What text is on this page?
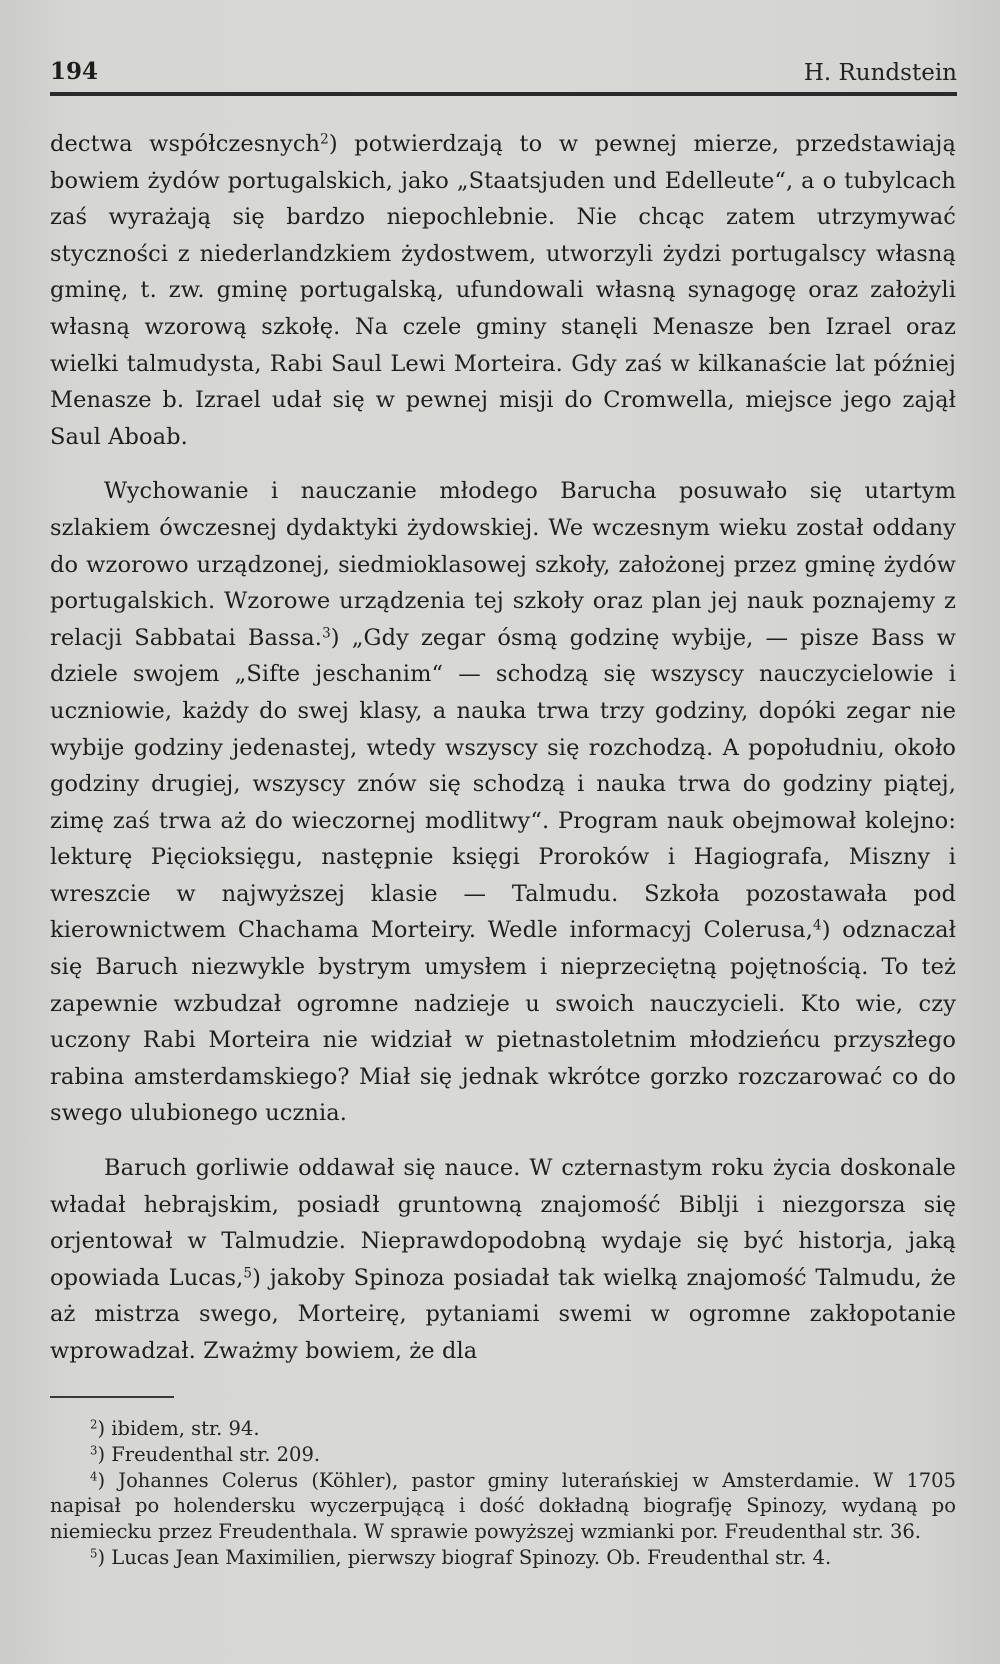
194	H. Rundstein

dectwa współczesnych$^2$) potwierdzają to w pewnej mierze, przedstawiają bowiem żydów portugalskich, jako „Staatsjuden und Edelleute“, a o tubylcach zaś wyrażają się bardzo niepochlebnie. Nie chcąc zatem utrzymywać styczności z niederlandzkiem żydostwem, utworzyli żydzi portugalscy własną gminę, t. zw. gminę portugalską, ufundowali własną synagogę oraz założyli własną wzorową szkołę. Na czele gminy stanęli Menasze ben Izrael oraz wielki talmudysta, Rabi Saul Lewi Morteira. Gdy zaś w kilkanaście lat później Menasze b. Izrael udał się w pewnej misji do Cromwella, miejsce jego zajął Saul Aboab.

Wychowanie i nauczanie młodego Barucha posuwało się utartym szlakiem ówczesnej dydaktyki żydowskiej. We wczesnym wieku został oddany do wzorowo urządzonej, siedmioklasowej szkoły, założonej przez gminę żydów portugalskich. Wzorowe urządzenia tej szkoły oraz plan jej nauk poznajemy z relacji Sabbatai Bassa.$^3$) „Gdy zegar ósmą godzinę wybije, — pisze Bass w dziele swojem „Sifte jeschanim“ — schodzą się wszyscy nauczycielowie i uczniowie, każdy do swej klasy, a nauka trwa trzy godziny, dopóki zegar nie wybije godziny jedenastej, wtedy wszyscy się rozchodzą. A popołudniu, około godziny drugiej, wszyscy znów się schodzą i nauka trwa do godziny piątej, zimę zaś trwa aż do wieczornej modlitwy“. Program nauk obejmował kolejno: lekturę Pięcioksięgu, następnie księgi Proroków i Hagiografa, Miszny i wreszcie w najwyższej klasie — Talmudu. Szkoła pozostawała pod kierownictwem Chachama Morteiry. Wedle informacyj Colerusa,$^4$) odznaczał się Baruch niezwykle bystrym umysłem i nieprzeciętną pojętnością. To też zapewnie wzbudzał ogromne nadzieje u swoich nauczycieli. Kto wie, czy uczony Rabi Morteira nie widział w pietnastoletnim młodzieńcu przyszłego rabina amsterdamskiego? Miał się jednak wkrótce gorzko rozczarować co do swego ulubionego ucznia.

Baruch gorliwie oddawał się nauce. W czternastym roku życia doskonale władał hebrajskim, posiadł gruntowną znajomość Biblji i niezgorsza się orjentował w Talmudzie. Nieprawdopodobną wydaje się być historja, jaką opowiada Lucas,$^5$) jakoby Spinoza posiadał tak wielką znajomość Talmudu, że aż mistrza swego, Morteirę, pytaniami swemi w ogromne zakłopotanie wprowadzał. Zważmy bowiem, że dla

$^2$) ibidem, str. 94.

$^3$) Freudenthal str. 209.

$^4$) Johannes Colerus (Köhler), pastor gminy luterańskiej w Amsterdamie. W 1705 napisał po holendersku wyczerpującą i dość dokładną biografję Spinozy, wydaną po niemiecku przez Freudenthala. W sprawie powyższej wzmianki por. Freudenthal str. 36.

$^5$) Lucas Jean Maximilien, pierwszy biograf Spinozy. Ob. Freudenthal str. 4.
